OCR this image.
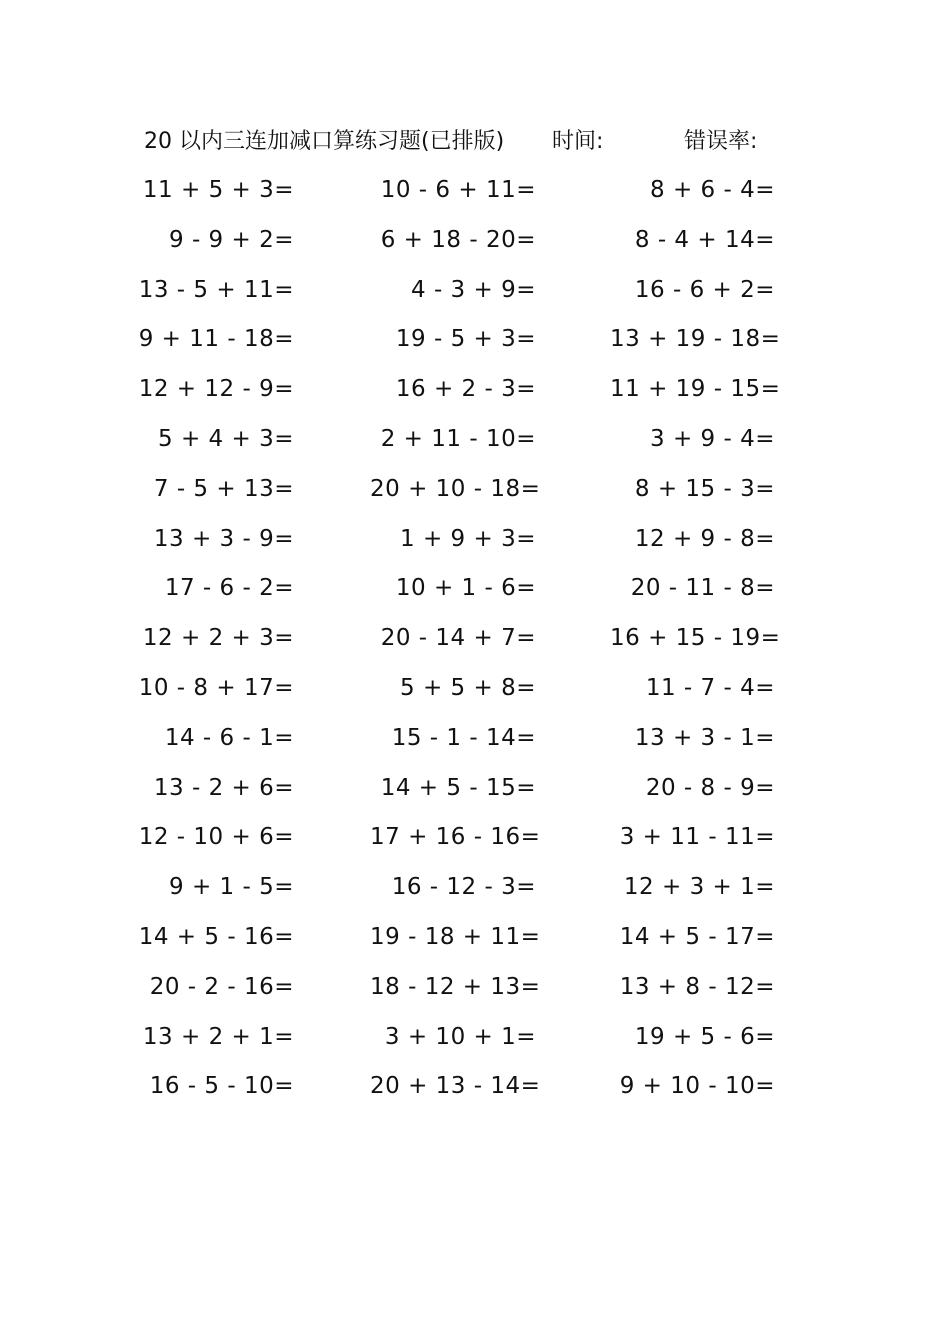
20 以内三连加减口算练习题(已排版) 时间:	错误率:
11 + 5 + 3=	10 - 6 + 11=	8 + 6 - 4=
9 - 9 + 2=	6 + 18 - 20=	8 - 4 + 14=
13 - 5 + 11=	4 - 3 + 9=	16 - 6 + 2=
9 + 11 - 18=	19 - 5 + 3=	13 + 19 - 18=
12 + 12 - 9=	16 + 2 - 3=	11 + 19 - 15=
5 + 4 + 3=	2 + 11 - 10=	3 + 9 - 4=
7 - 5 + 13=	20 + 10 - 18=	8 + 15 - 3=
13 + 3 - 9=	1 + 9 + 3=	12 + 9 - 8=
17 - 6 - 2=	10 + 1 - 6=	20 - 11 - 8=
12 + 2 + 3=	20 - 14 + 7=	16 + 15 - 19=
10 - 8 + 17=	5 + 5 + 8=	11 - 7 - 4=
14 - 6 - 1=	15 - 1 - 14=	13 + 3 - 1=
13 - 2 + 6=	14 + 5 - 15=	20 - 8 - 9=
12 - 10 + 6=	17 + 16 - 16=	3 + 11 - 11=
9 + 1 - 5=	16 - 12 - 3=	12 + 3 + 1=
14 + 5 - 16=	19 - 18 + 11=	14 + 5 - 17=
20 - 2 - 16=	18 - 12 + 13=	13 + 8 - 12=
13 + 2 + 1=	3 + 10 + 1=	19 + 5 - 6=
16 - 5 - 10=	20 + 13 - 14=	9 + 10 - 10=
